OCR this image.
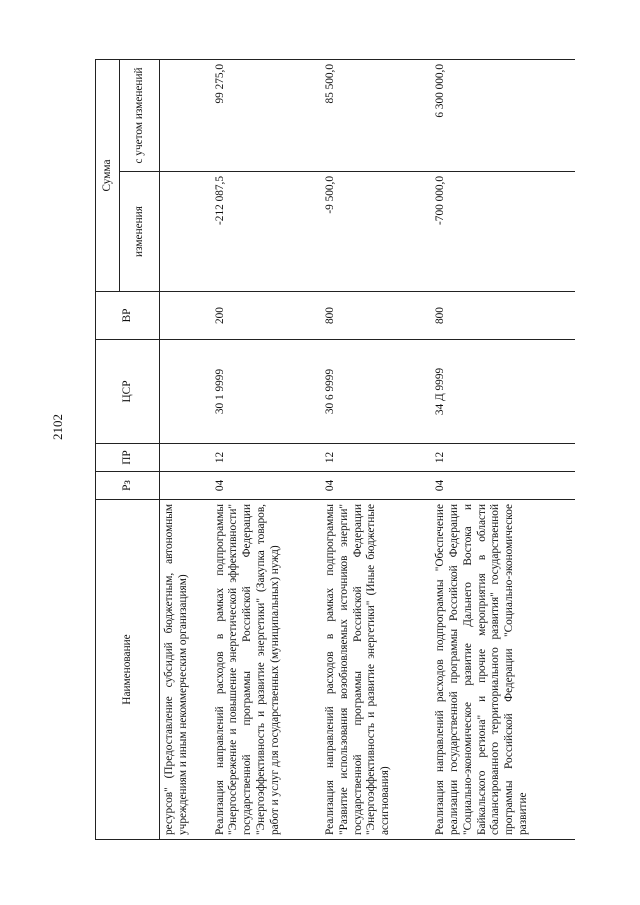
2102
Наименование	Рз	ПР	ЦСР	ВР	Сумма	
					изменения	с учетом изменений
ресурсов" (Предоставление субсидий бюджетным, автономным учреждениям и иным некоммерческим организациям)						
Реализация направлений расходов в рамках подпрограммы "Энергосбережение и повышение энергетической эффективности" государственной программы Российской Федерации "Энергоэффективность и развитие энергетики" (Закупка товаров, работ и услуг для государственных (муниципальных) нужд)	04	12	30 1 9999	200	-212 087,5	99 275,0
Реализация направлений расходов в рамках подпрограммы "Развитие использования возобновляемых источников энергии" государственной программы Российской Федерации "Энергоэффективность и развитие энергетики" (Иные бюджетные ассигнования)	04	12	30 6 9999	800	-9 500,0	85 500,0
Реализация направлений расходов подпрограммы "Обеспечение реализации государственной программы Российской Федерации "Социально-экономическое развитие Дальнего Востока и Байкальского региона" и прочие мероприятия в области сбалансированного территориального развития" государственной программы Российской Федерации "Социально-экономическое развитие	04	12	34 Д 9999	800	-700 000,0	6 300 000,0
